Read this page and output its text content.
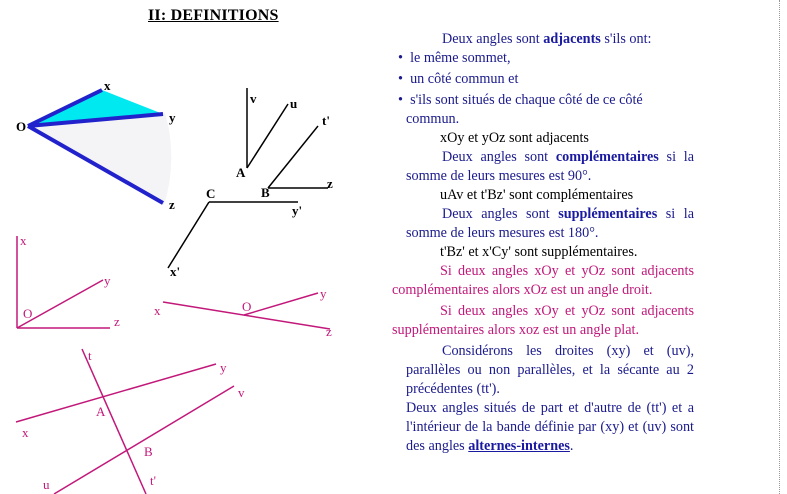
II: DEFINITIONS
O
x
y
z
v	u
t'
A
B
C
z
y'
x'
x
y
O
z
x	O
y
z
t
y
v
A
x
B
u	t'

Deux angles sont adjacents s'ils ont:

•  le même sommet,

•  un côté commun et

•  s'ils sont situés de chaque côté de ce côté

commun.

xOy et yOz sont adjacents

Deux angles sont complémentaires si la somme de leurs mesures est 90°.

uAv et t'Bz' sont complémentaires

Deux angles sont supplémentaires si la somme de leurs mesures est 180°.

t'Bz' et x'Cy' sont supplémentaires.

Si deux angles xOy et yOz sont adjacents complémentaires alors xOz est un angle droit.

Si deux angles xOy et yOz sont adjacents supplémentaires alors xoz est un angle plat.

Considérons les droites (xy) et (uv), parallèles ou non parallèles, et la sécante au 2 précédentes (tt').

Deux angles situés de part et d'autre de (tt') et a l'intérieur de la bande définie par (xy) et (uv) sont des angles alternes-internes.
